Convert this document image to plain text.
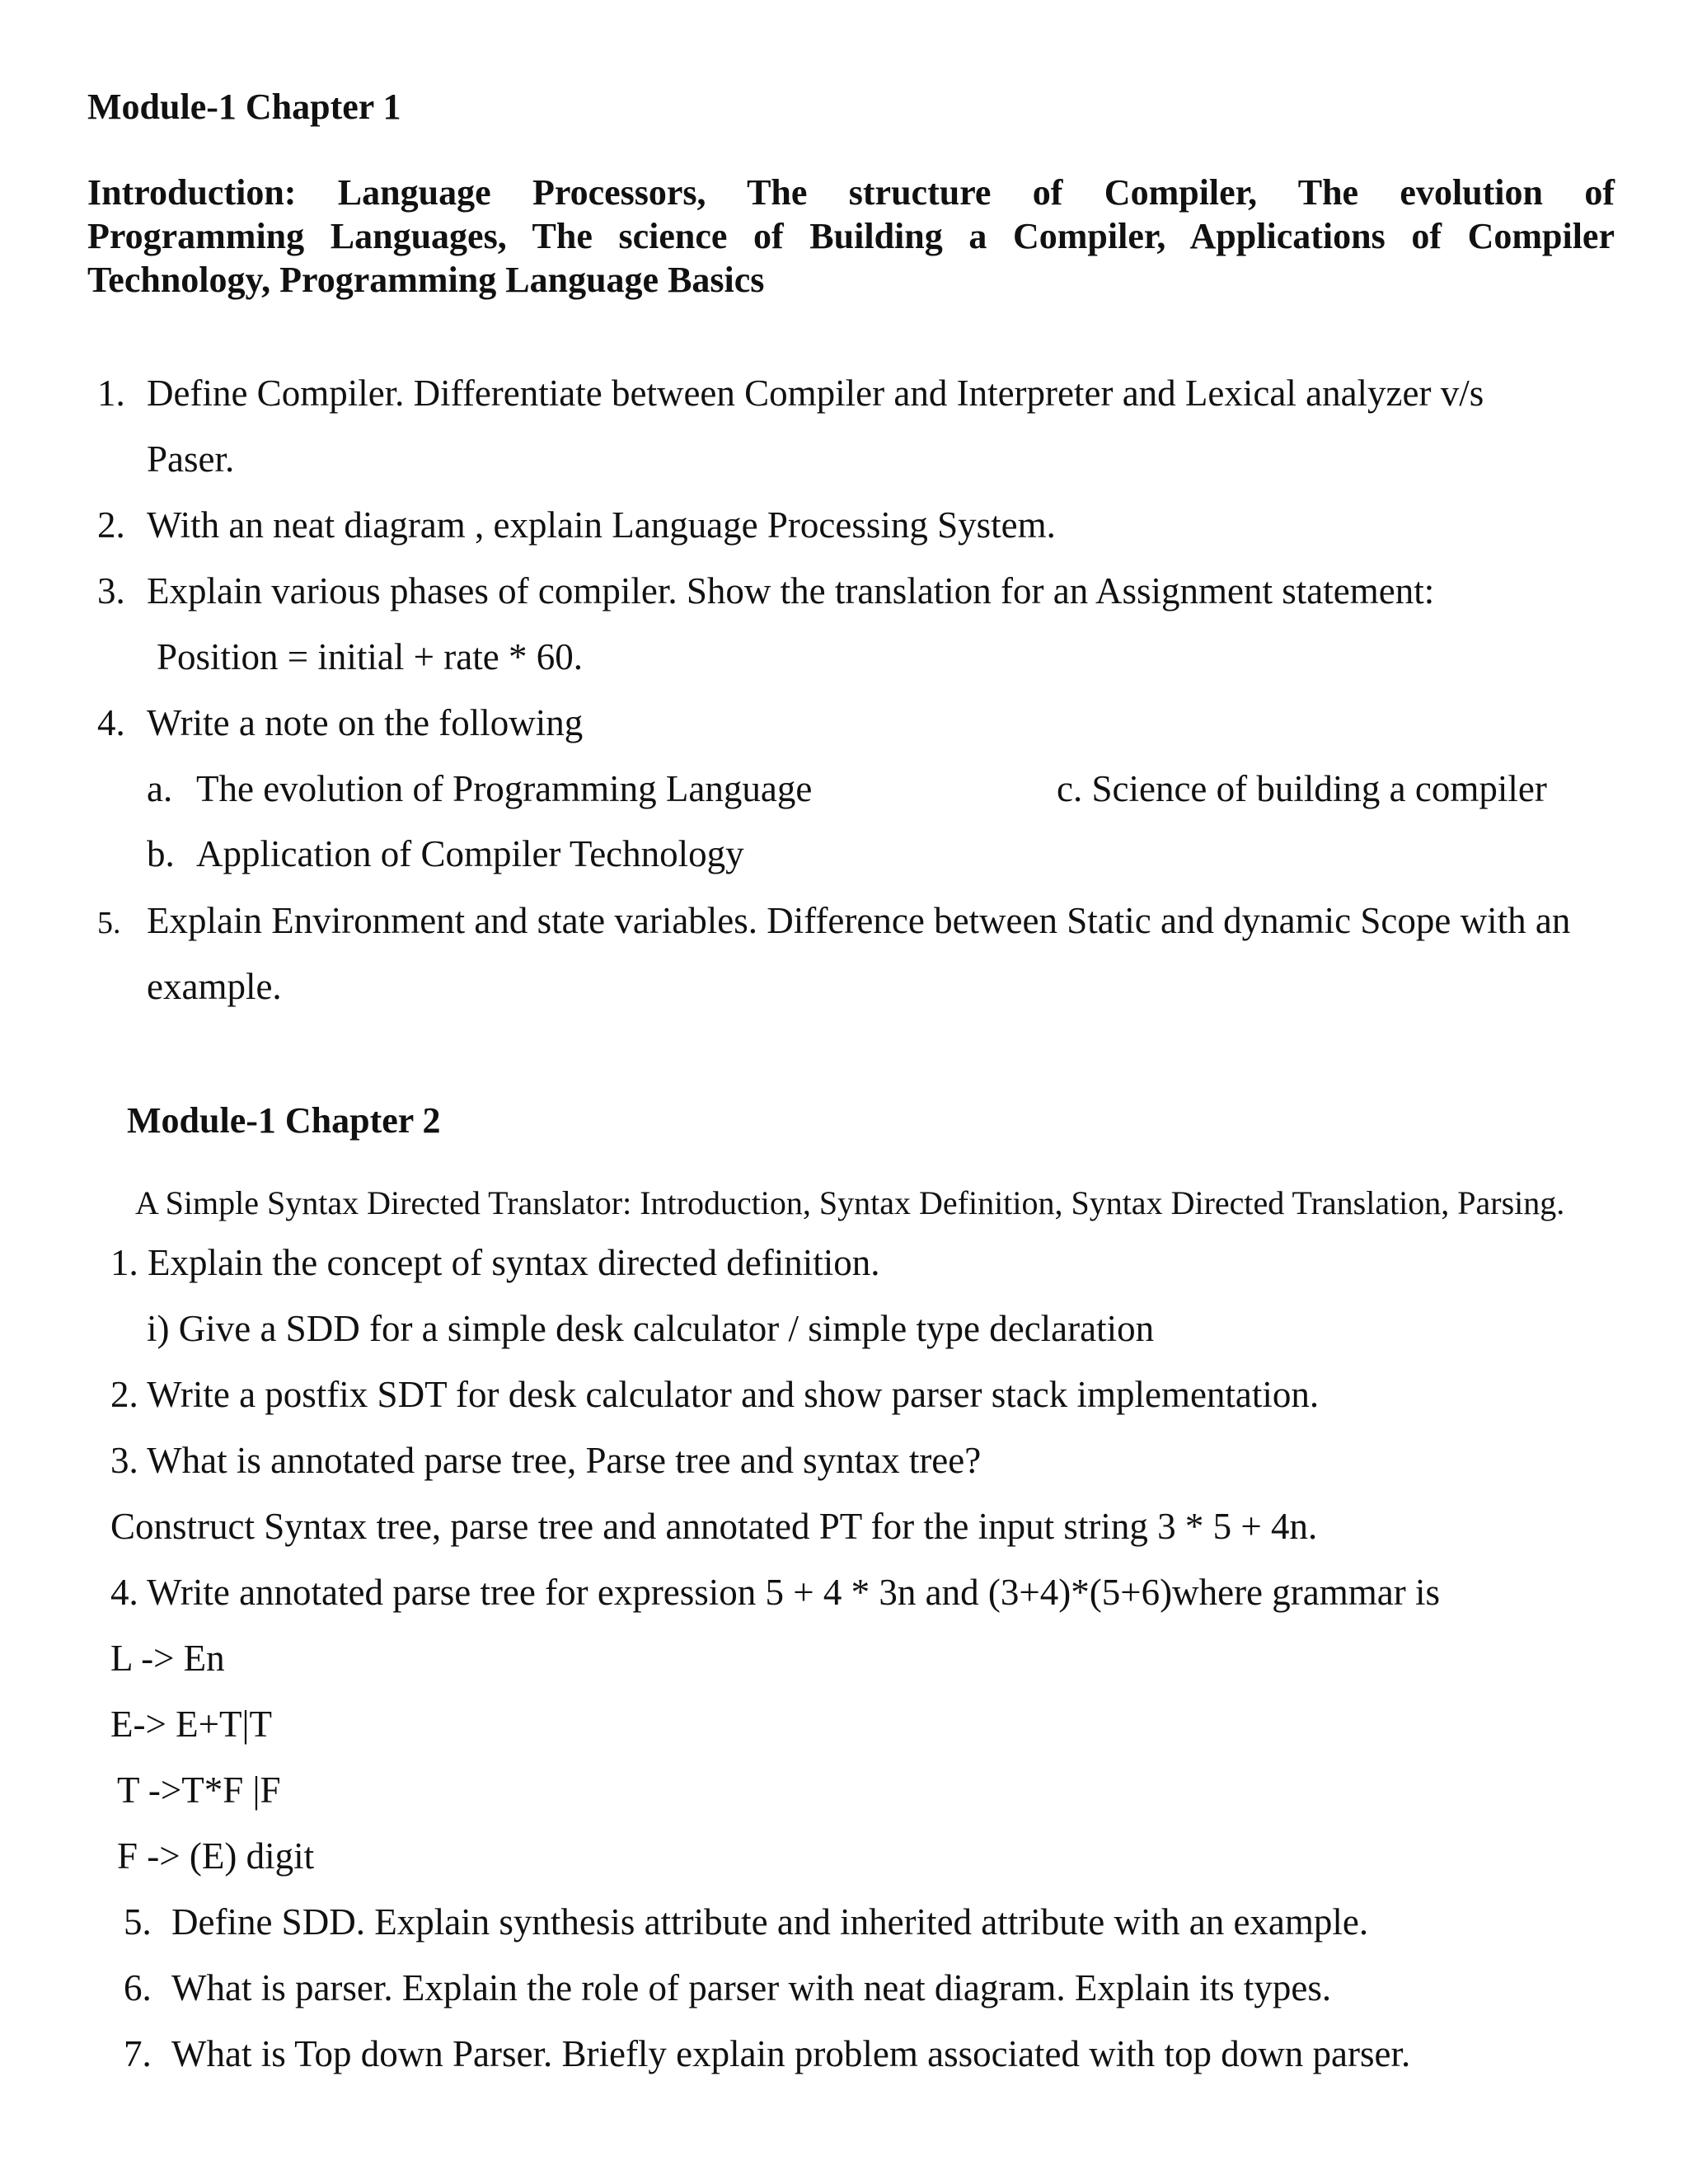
Module-1 Chapter 1
Introduction: Language Processors, The structure of Compiler, The evolution of
Programming Languages, The science of Building a Compiler, Applications of Compiler
Technology, Programming Language Basics
1. Define Compiler. Differentiate between Compiler and Interpreter and Lexical analyzer v/s
Paser.
2. With an neat diagram , explain Language Processing System.
3. Explain various phases of compiler. Show the translation for an Assignment statement:
Position = initial + rate * 60.
4. Write a note on the following
a. The evolution of Programming Language	c. Science of building a compiler
b. Application of Compiler Technology
5. Explain Environment and state variables. Difference between Static and dynamic Scope with an
example.
Module-1 Chapter 2
A Simple Syntax Directed Translator: Introduction, Syntax Definition, Syntax Directed Translation, Parsing.
1. Explain the concept of syntax directed definition.
i) Give a SDD for a simple desk calculator / simple type declaration
2. Write a postfix SDT for desk calculator and show parser stack implementation.
3. What is annotated parse tree, Parse tree and syntax tree?
Construct Syntax tree, parse tree and annotated PT for the input string 3 * 5 + 4n.
4. Write annotated parse tree for expression 5 + 4 * 3n and (3+4)*(5+6)where grammar is
L -> En
E-> E+T|T
T ->T*F |F
F -> (E) digit
5. Define SDD. Explain synthesis attribute and inherited attribute with an example.
6. What is parser. Explain the role of parser with neat diagram. Explain its types.
7. What is Top down Parser. Briefly explain problem associated with top down parser.
